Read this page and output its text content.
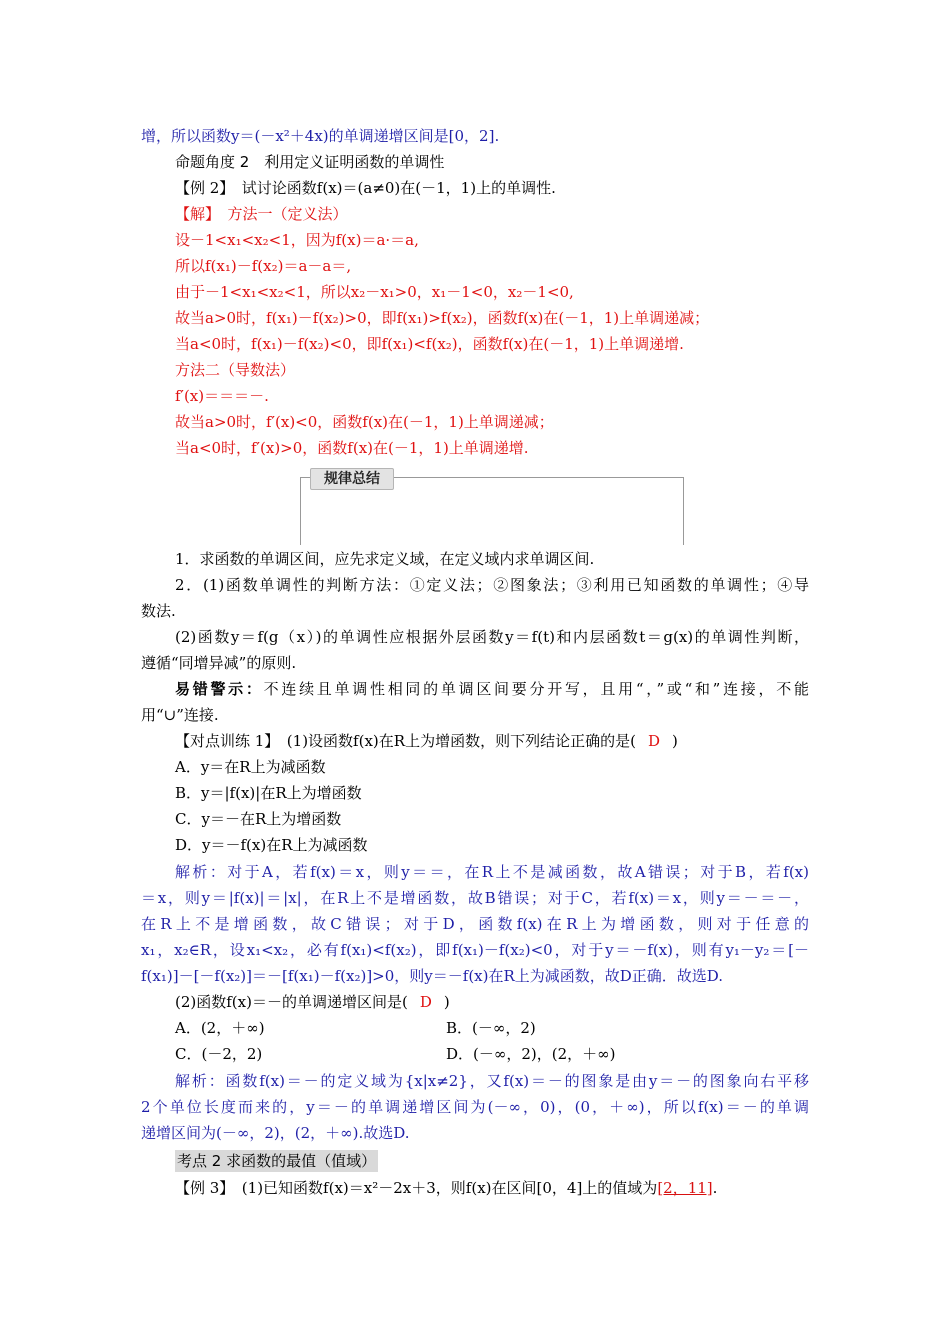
增，所以函数y＝(－x²＋4x)的单调递增区间是[0，2].
命题角度 2　利用定义证明函数的单调性
【例 2】　试讨论函数f(x)＝(a≠0)在(－1，1)上的单调性.
【解】　方法一（定义法）
设－1<x₁<x₂<1，因为f(x)＝a·＝a,
所以f(x₁)－f(x₂)＝a－a＝,
由于－1<x₁<x₂<1，所以x₂－x₁>0，x₁－1<0，x₂－1<0,
故当a>0时，f(x₁)－f(x₂)>0，即f(x₁)>f(x₂)，函数f(x)在(－1，1)上单调递减；
当a<0时，f(x₁)－f(x₂)<0，即f(x₁)<f(x₂)，函数f(x)在(－1，1)上单调递增.
方法二（导数法）
f′(x)＝＝＝－.
故当a>0时，f′(x)<0，函数f(x)在(－1，1)上单调递减；
当a<0时，f′(x)>0，函数f(x)在(－1，1)上单调递增.
规律总结
1．求函数的单调区间，应先求定义域，在定义域内求单调区间.
2．(1)函数单调性的判断方法：①定义法；②图象法；③利用已知函数的单调性；④导
数法.
(2)函数y＝f(g（x）)的单调性应根据外层函数y＝f(t)和内层函数t＝g(x)的单调性判断，
遵循“同增异减”的原则.
易错警示：不连续且单调性相同的单调区间要分开写，且用“，”或“和”连接，不能
用“∪”连接.
【对点训练 1】　(1)设函数f(x)在R上为增函数，则下列结论正确的是( D )
A．y＝在R上为减函数
B．y＝|f(x)|在R上为增函数
C．y＝－在R上为增函数
D．y＝－f(x)在R上为减函数
解析：对于A，若f(x)＝x，则y＝＝，在R上不是减函数，故A错误；对于B，若f(x)
＝x，则y＝|f(x)|＝|x|，在R上不是增函数，故B错误；对于C，若f(x)＝x，则y＝－＝－，
在R上不是增函数，故C错误；对于D，函数f(x)在R上为增函数，则对于任意的
x₁，x₂∈R，设x₁<x₂，必有f(x₁)<f(x₂)，即f(x₁)－f(x₂)<0，对于y＝－f(x)，则有y₁－y₂＝[－
f(x₁)]－[－f(x₂)]＝－[f(x₁)－f(x₂)]>0，则y＝－f(x)在R上为减函数，故D正确．故选D.
(2)函数f(x)＝－的单调递增区间是( D )
A．(2，＋∞)	B．(－∞，2)
C．(－2，2)	D．(－∞，2)，(2，＋∞)
解析：函数f(x)＝－的定义域为{x|x≠2}，又f(x)＝－的图象是由y＝－的图象向右平移
2个单位长度而来的，y＝－的单调递增区间为(－∞，0)，(0，＋∞)，所以f(x)＝－的单调
递增区间为(－∞，2)，(2，＋∞).故选D.
考点 2 求函数的最值（值域）
【例 3】　(1)已知函数f(x)＝x²－2x＋3，则f(x)在区间[0，4]上的值域为[2，11].
